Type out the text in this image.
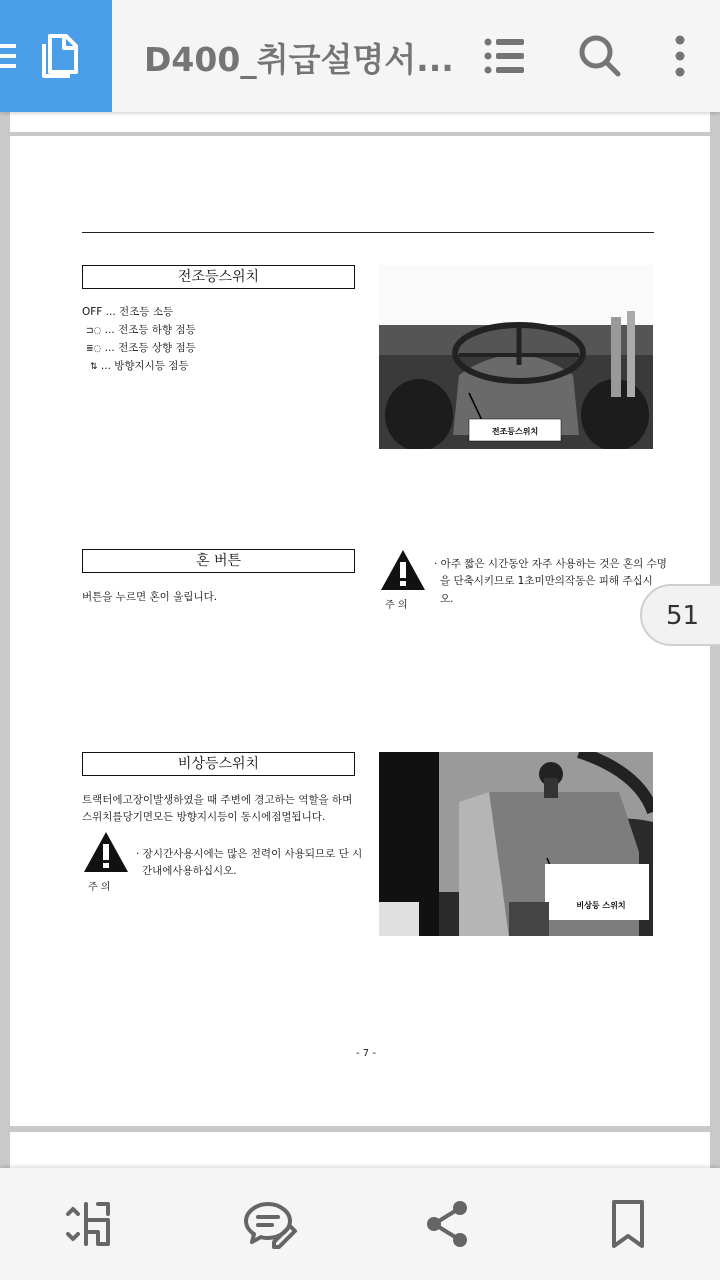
D400_취급설명서...
전조등스위치
OFF ... 전조등 소등
⊐◌ ... 전조등 하향 점등
≣◌ ... 전조등 상향 점등
⇅ ... 방향지시등 점등
전조등스위치
혼 버튼
버튼을 누르면 혼이 울립니다.
주 의
· 아주 짧은 시간동안 자주 사용하는 것은 혼의 수명
을 단축시키므로 1초미만의작동은 피해 주십시
오.
비상등스위치
트랙터에고장이발생하였을 때 주변에 경고하는 역할을 하며
스위치를당기면모든 방향지시등이 동시에점멸됩니다.
주 의
· 장시간사용시에는 많은 전력이 사용되므로 단 시
간내에사용하십시오.
비상등 스위치
- 7 -
51
